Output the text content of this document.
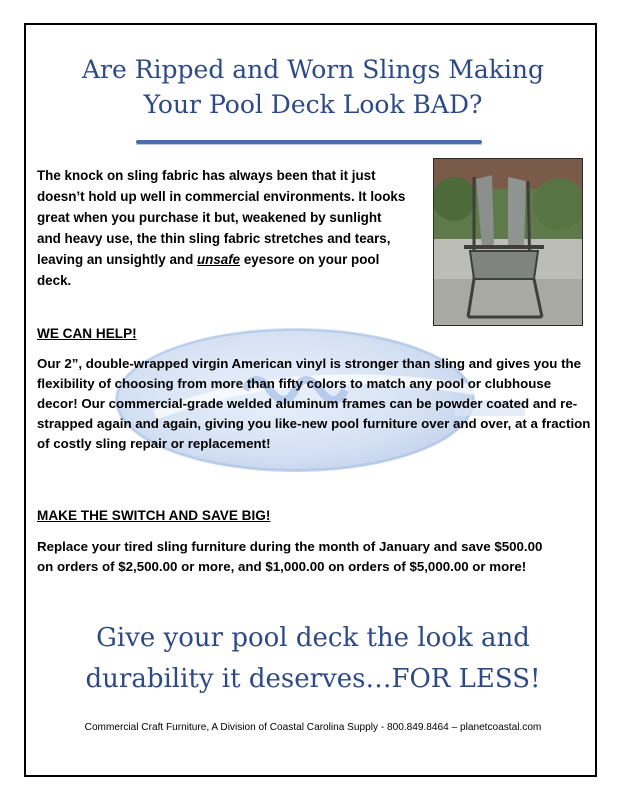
Are Ripped and Worn Slings Making
Your Pool Deck Look BAD?
The knock on sling fabric has always been that it just doesn’t hold up well in commercial environments. It looks great when you purchase it but, weakened by sunlight and heavy use, the thin sling fabric stretches and tears, leaving an unsightly and unsafe eyesore on your pool deck.
WE CAN HELP!
Our 2”, double-wrapped virgin American vinyl is stronger than sling and gives you the flexibility of choosing from more than fifty colors to match any pool or clubhouse decor! Our commercial-grade welded aluminum frames can be powder coated and re-strapped again and again, giving you like-new pool furniture over and over, at a fraction of costly sling repair or replacement!
MAKE THE SWITCH AND SAVE BIG!
Replace your tired sling furniture during the month of January and save $500.00 on orders of $2,500.00 or more, and $1,000.00 on orders of $5,000.00 or more!
Give your pool deck the look and
durability it deserves…FOR LESS!
Commercial Craft Furniture, A Division of Coastal Carolina Supply - 800.849.8464 – planetcoastal.com
